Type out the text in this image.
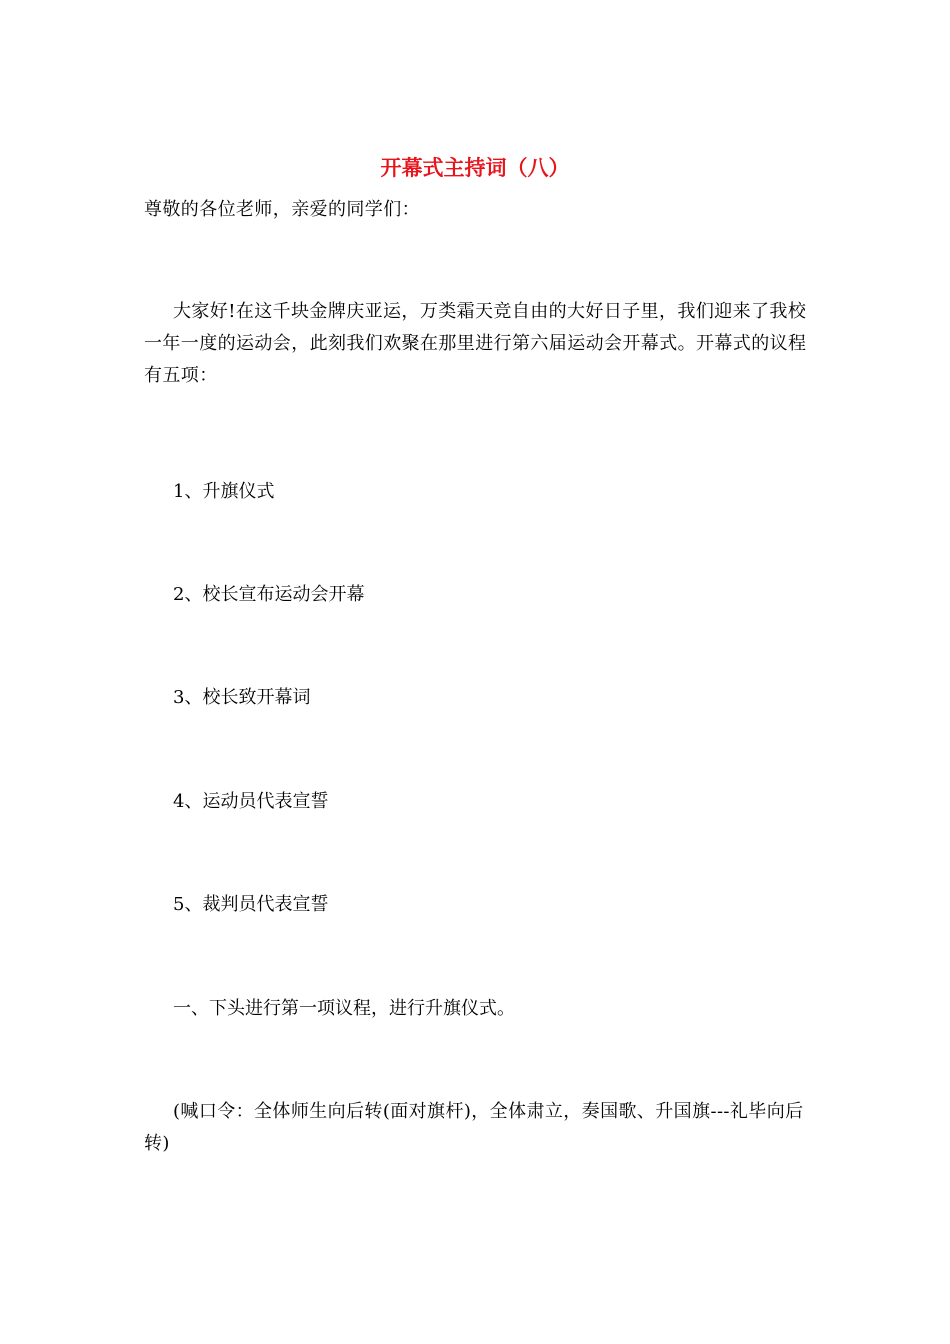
开幕式主持词（八）
尊敬的各位老师，亲爱的同学们：
大家好!在这千块金牌庆亚运，万类霜天竞自由的大好日子里，我们迎来了我校一年一度的运动会，此刻我们欢聚在那里进行第六届运动会开幕式。开幕式的议程有五项：
1、升旗仪式
2、校长宣布运动会开幕
3、校长致开幕词
4、运动员代表宣誓
5、裁判员代表宣誓
一、下头进行第一项议程，进行升旗仪式。
(喊口令：全体师生向后转(面对旗杆)，全体肃立，奏国歌、升国旗---礼毕向后转)
